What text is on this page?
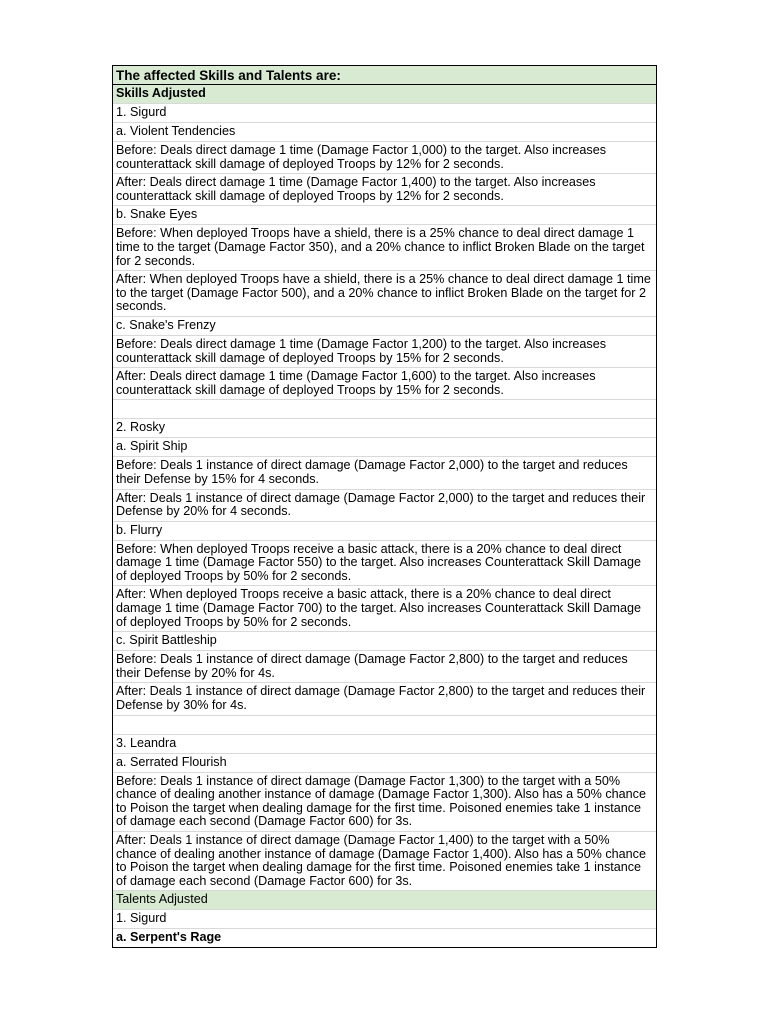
The affected Skills and Talents are:
Skills Adjusted
1. Sigurd
a. Violent Tendencies
Before: Deals direct damage 1 time (Damage Factor 1,000) to the target. Also increases
counterattack skill damage of deployed Troops by 12% for 2 seconds.
After: Deals direct damage 1 time (Damage Factor 1,400) to the target. Also increases
counterattack skill damage of deployed Troops by 12% for 2 seconds.
b. Snake Eyes
Before: When deployed Troops have a shield, there is a 25% chance to deal direct damage 1
time to the target (Damage Factor 350), and a 20% chance to inflict Broken Blade on the target
for 2 seconds.
After: When deployed Troops have a shield, there is a 25% chance to deal direct damage 1 time
to the target (Damage Factor 500), and a 20% chance to inflict Broken Blade on the target for 2
seconds.
c. Snake's Frenzy
Before: Deals direct damage 1 time (Damage Factor 1,200) to the target. Also increases
counterattack skill damage of deployed Troops by 15% for 2 seconds.
After: Deals direct damage 1 time (Damage Factor 1,600) to the target. Also increases
counterattack skill damage of deployed Troops by 15% for 2 seconds.
2. Rosky
a. Spirit Ship
Before: Deals 1 instance of direct damage (Damage Factor 2,000) to the target and reduces
their Defense by 15% for 4 seconds.
After: Deals 1 instance of direct damage (Damage Factor 2,000) to the target and reduces their
Defense by 20% for 4 seconds.
b. Flurry
Before: When deployed Troops receive a basic attack, there is a 20% chance to deal direct
damage 1 time (Damage Factor 550) to the target. Also increases Counterattack Skill Damage
of deployed Troops by 50% for 2 seconds.
After: When deployed Troops receive a basic attack, there is a 20% chance to deal direct
damage 1 time (Damage Factor 700) to the target. Also increases Counterattack Skill Damage
of deployed Troops by 50% for 2 seconds.
c. Spirit Battleship
Before: Deals 1 instance of direct damage (Damage Factor 2,800) to the target and reduces
their Defense by 20% for 4s.
After: Deals 1 instance of direct damage (Damage Factor 2,800) to the target and reduces their
Defense by 30% for 4s.
3. Leandra
a. Serrated Flourish
Before: Deals 1 instance of direct damage (Damage Factor 1,300) to the target with a 50%
chance of dealing another instance of damage (Damage Factor 1,300). Also has a 50% chance
to Poison the target when dealing damage for the first time. Poisoned enemies take 1 instance
of damage each second (Damage Factor 600) for 3s.
After: Deals 1 instance of direct damage (Damage Factor 1,400) to the target with a 50%
chance of dealing another instance of damage (Damage Factor 1,400). Also has a 50% chance
to Poison the target when dealing damage for the first time. Poisoned enemies take 1 instance
of damage each second (Damage Factor 600) for 3s.
Talents Adjusted
1. Sigurd
a. Serpent's Rage
